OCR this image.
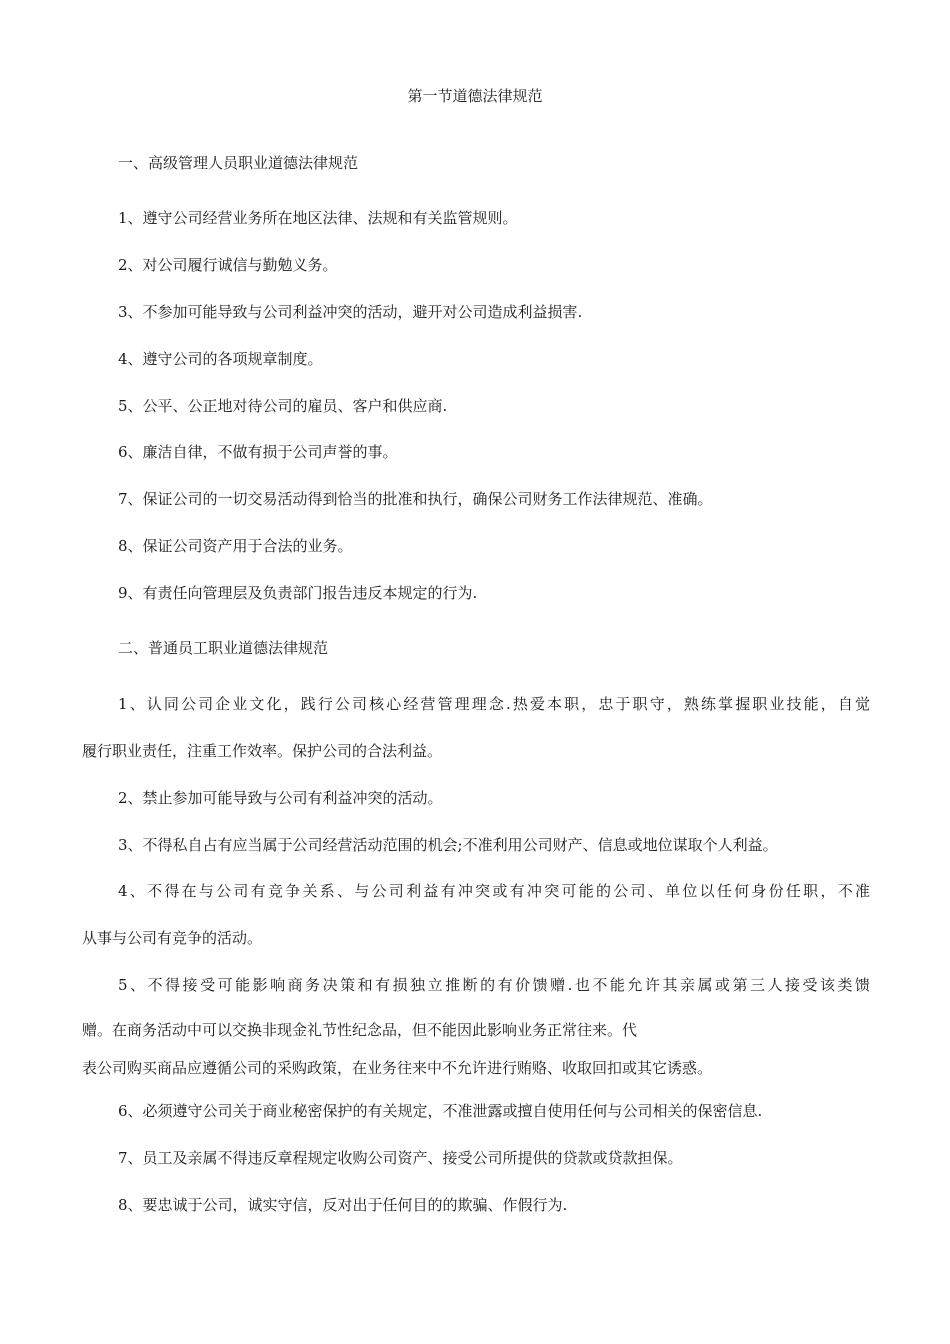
第一节道德法律规范

一、高级管理人员职业道德法律规范

1、遵守公司经营业务所在地区法律、法规和有关监管规则。

2、对公司履行诚信与勤勉义务。

3、不参加可能导致与公司利益冲突的活动，避开对公司造成利益损害.

4、遵守公司的各项规章制度。

5、公平、公正地对待公司的雇员、客户和供应商.

6、廉洁自律，不做有损于公司声誉的事。

7、保证公司的一切交易活动得到恰当的批准和执行，确保公司财务工作法律规范、准确。

8、保证公司资产用于合法的业务。

9、有责任向管理层及负责部门报告违反本规定的行为.

二、普通员工职业道德法律规范

1、认同公司企业文化，践行公司核心经营管理理念.热爱本职，忠于职守，熟练掌握职业技能，自觉

履行职业责任，注重工作效率。保护公司的合法利益。

2、禁止参加可能导致与公司有利益冲突的活动。

3、不得私自占有应当属于公司经营活动范围的机会;不准利用公司财产、信息或地位谋取个人利益。

4、不得在与公司有竞争关系、与公司利益有冲突或有冲突可能的公司、单位以任何身份任职，不准

从事与公司有竞争的活动。

5、不得接受可能影响商务决策和有损独立推断的有价馈赠.也不能允许其亲属或第三人接受该类馈

赠。在商务活动中可以交换非现金礼节性纪念品，但不能因此影响业务正常往来。代

表公司购买商品应遵循公司的采购政策，在业务往来中不允许进行贿赂、收取回扣或其它诱惑。

6、必须遵守公司关于商业秘密保护的有关规定，不准泄露或擅自使用任何与公司相关的保密信息.

7、员工及亲属不得违反章程规定收购公司资产、接受公司所提供的贷款或贷款担保。

8、要忠诚于公司，诚实守信，反对出于任何目的的欺骗、作假行为.
